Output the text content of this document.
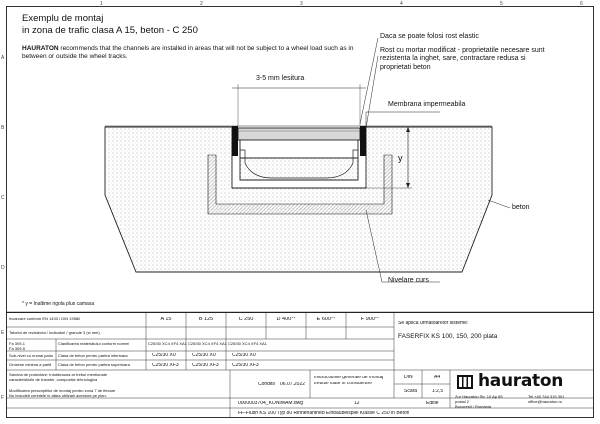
1	2	3	4	5	6
A
B
C
D
E
F
Exemplu de montaj
in zona de trafic clasa A 15, beton - C 250
HAURATON recommends that the channels are installed in areas that will not be subject to a wheel load such as in between or outside the wheel tracks.
Daca se poate folosi rost elastic
Rost cu mortar modificat - proprietatile necesare sunt
rezistenta la inghet, sare, contractare redusa si
proprietati beton
3-5 mm lesitura
Membrana impermeabila
y
beton
Nivelare curs
* y = Inaltime rigola plus camasa
Incarcare conform EN 1433 / DIN 19580	A 15	B 125	C 250	D 400**	E 600**	F 900**
Tabelul de rezistenta / Indicatori / granule 3 (w mm)
Fa 309-1
Fa 309-5
Clasificarea materialului conform normei	C25/30 XC4 XF4 XA1 C25/30 XC4 XF4 XA1 C25/30 XC4 XF4 XA1
Sub-nivel cu numai patru Clasa de beton pentru partea inferioara	C25/30 X0	C25/30 X0	C25/30 X0
Grosime minima a partii Clasa de beton pentru partea superioara	C25/30 XF3	C25/30 XF3	C25/30 XF3
Se aplica urmatoarelor sisteme:
FASERFIX KS 100, 150, 200 plata
Sarcina de proiectare: Intotdeauna ar trebui mentionate
caracteristicile de transfer, compoziție tehnologica
Modificarea prescriptiilor de montaj pentru zona 7 de fiecare
Nu includeti cerintele in afara utilizarii acestora pe plan.
Conditii 06.07.2022
Instructiunile generale de montaj
trebuie luate in considerare
0000003704_KONIMAM.dwg	12	Editie
DIN	A4
Scara	1:2,5
Zur Hauraton Str. 10 Ap 85
postal 2
Bucuresti / Romania
Tel +40 744 315 301
office@hauraton.ro
FF-Flush KS 100 Typ 80 Rinnenantrieb Einbaubeispiel Klasse C 250 in Beton
hauraton
